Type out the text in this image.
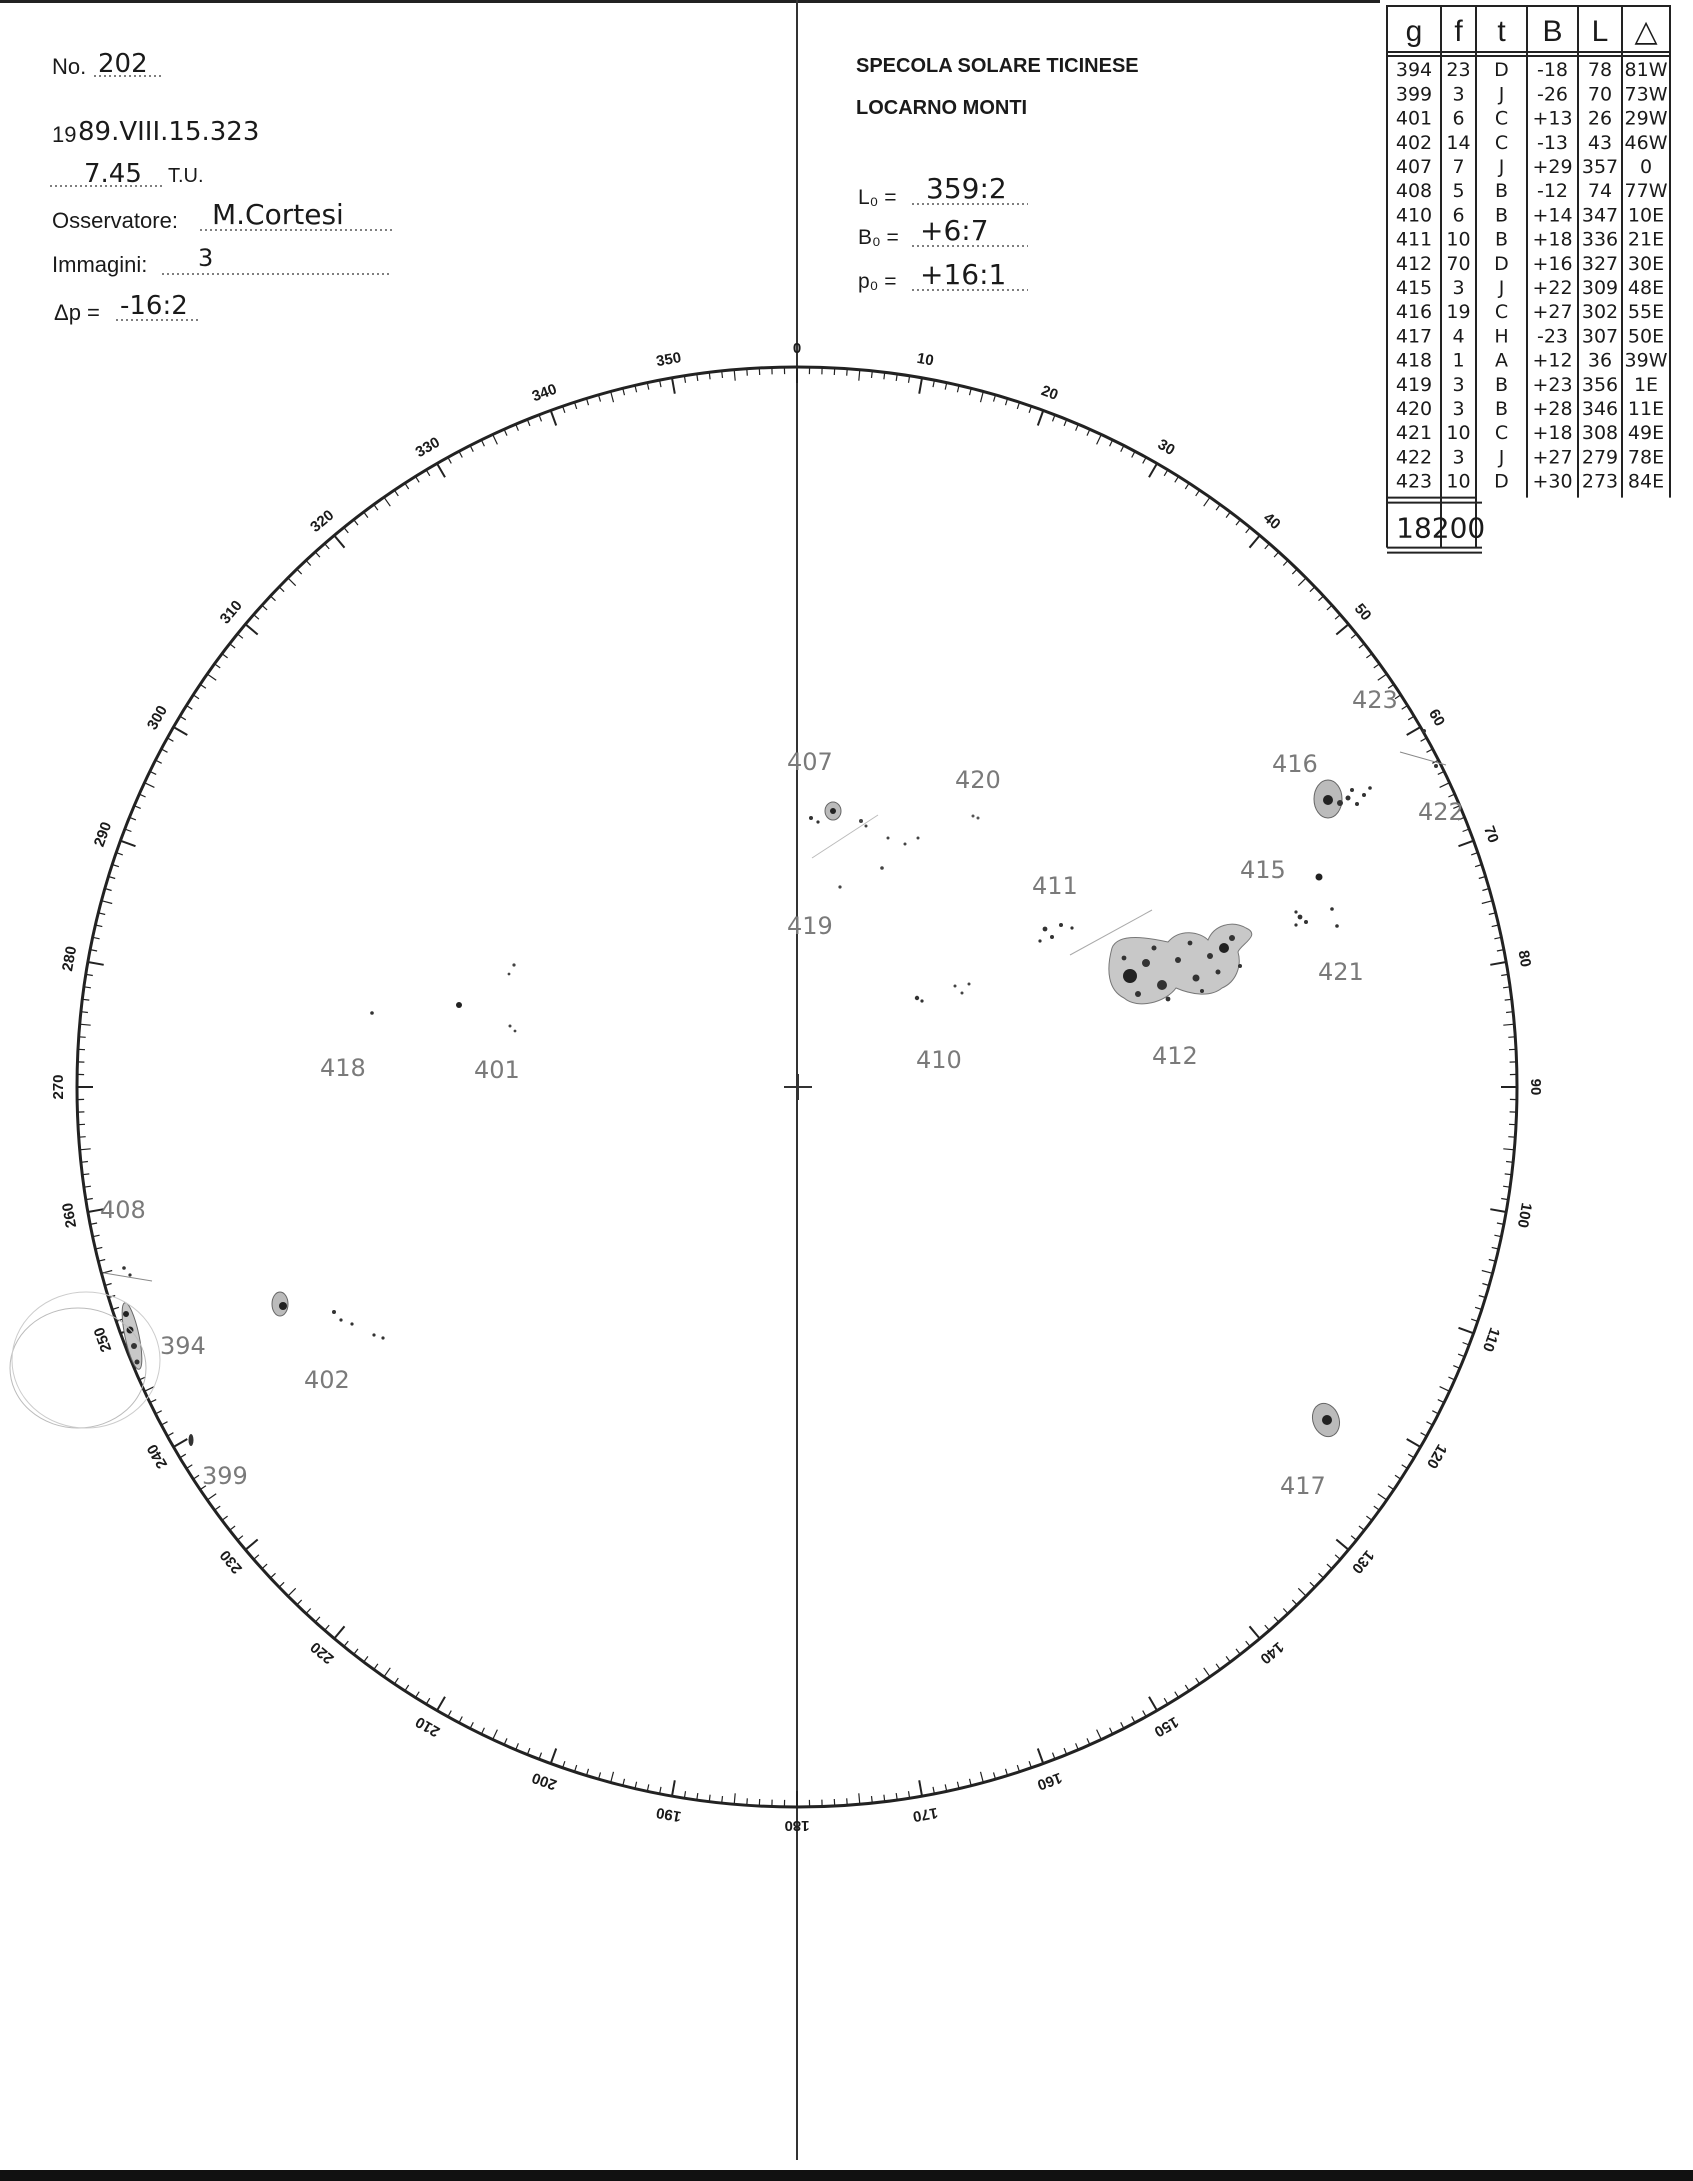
No. 202
19 89.VIII.15.323
7.45 T.U.
Osservatore: M.Cortesi
Immagini: 3
Δp = -16:2
SPECOLA SOLARE TICINESE
LOCARNO MONTI
L₀ = 359:2
B₀ = +6:7
p₀ = +16:1
g f t B L △
394 23 D -18 78 81W
399 3 J -26 70 73W
401 6 C +13 26 29W
402 14 C -13 43 46W
407 7 J +29 357 0
408 5 B -12 74 77W
410 6 B +14 347 10E
411 10 B +18 336 21E
412 70 D +16 327 30E
415 3 J +22 309 48E
416 19 C +27 302 55E
417 4 H -23 307 50E
418 1 A +12 36 39W
419 3 B +23 356 1E
420 3 B +28 346 11E
421 10 C +18 308 49E
422 3 J +27 279 78E
423 10 D +30 273 84E
18 200
0
10
20
30
40
50
60
70
80
90
100
110
120
130
140
150
160
170
180
190
200
210
220
230
240
250
260
270
280
290
300
310
320
330
340
350
407
420
416
423
422
415
411
419
421
412
410
418	401
408
394
402
399	417
